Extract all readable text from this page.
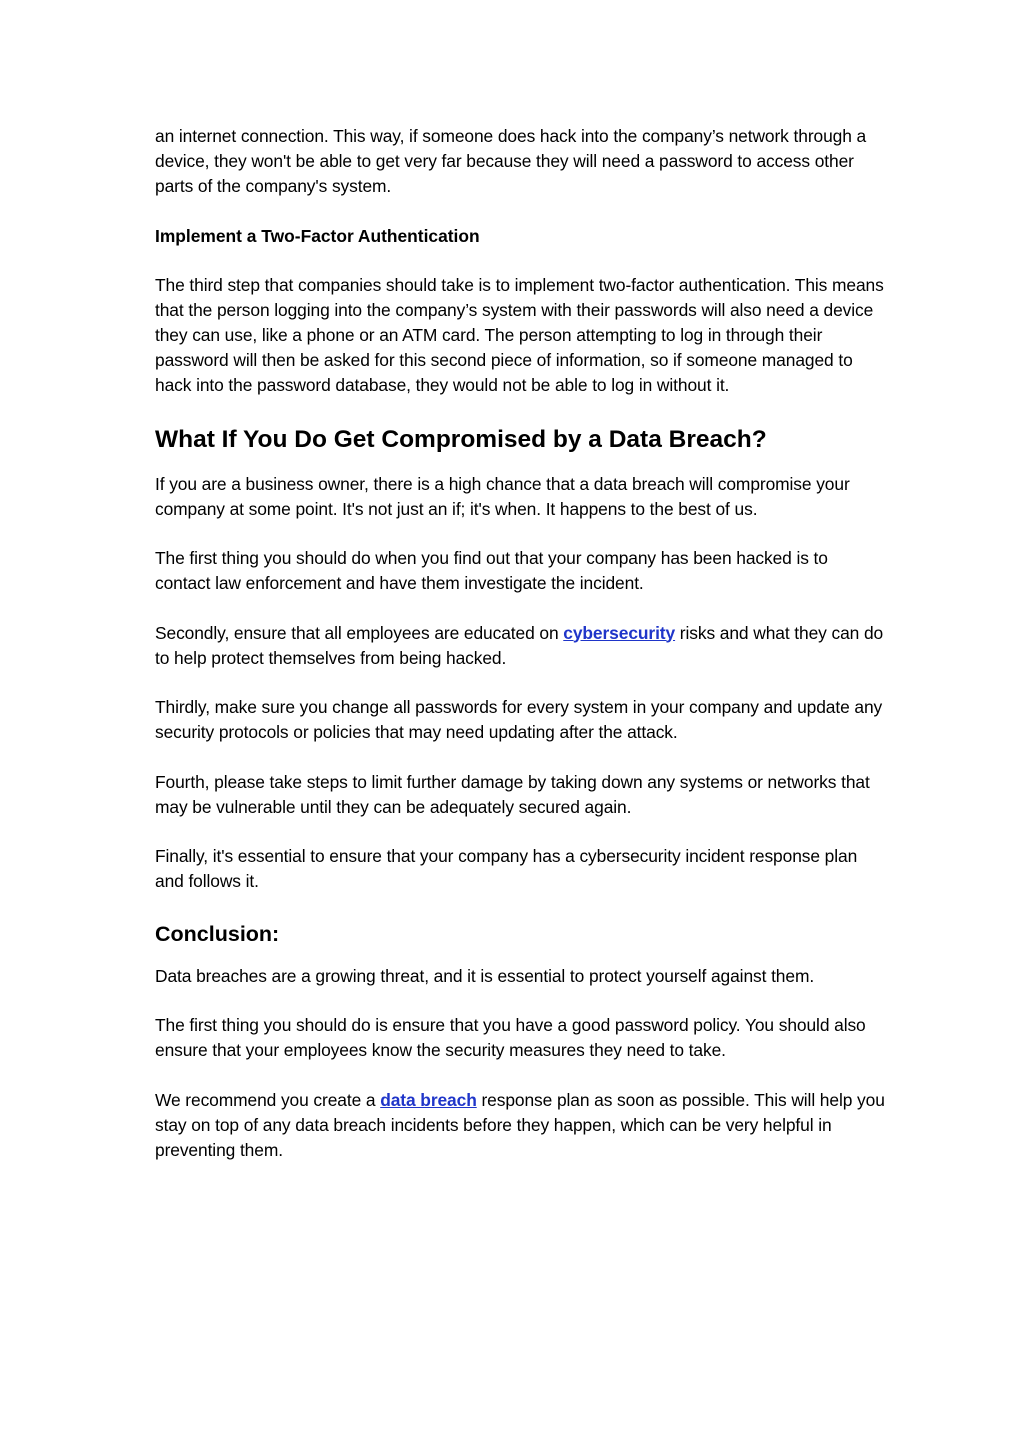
an internet connection. This way, if someone does hack into the company’s network through a device, they won't be able to get very far because they will need a password to access other parts of the company's system.

Implement a Two-Factor Authentication

The third step that companies should take is to implement two-factor authentication. This means that the person logging into the company’s system with their passwords will also need a device they can use, like a phone or an ATM card. The person attempting to log in through their password will then be asked for this second piece of information, so if someone managed to hack into the password database, they would not be able to log in without it.

What If You Do Get Compromised by a Data Breach?

If you are a business owner, there is a high chance that a data breach will compromise your company at some point. It's not just an if; it's when. It happens to the best of us.

The first thing you should do when you find out that your company has been hacked is to contact law enforcement and have them investigate the incident.

Secondly, ensure that all employees are educated on cybersecurity risks and what they can do to help protect themselves from being hacked.

Thirdly, make sure you change all passwords for every system in your company and update any security protocols or policies that may need updating after the attack.

Fourth, please take steps to limit further damage by taking down any systems or networks that may be vulnerable until they can be adequately secured again.

Finally, it's essential to ensure that your company has a cybersecurity incident response plan and follows it.

Conclusion:

Data breaches are a growing threat, and it is essential to protect yourself against them.

The first thing you should do is ensure that you have a good password policy. You should also ensure that your employees know the security measures they need to take.

We recommend you create a data breach response plan as soon as possible. This will help you stay on top of any data breach incidents before they happen, which can be very helpful in preventing them.
